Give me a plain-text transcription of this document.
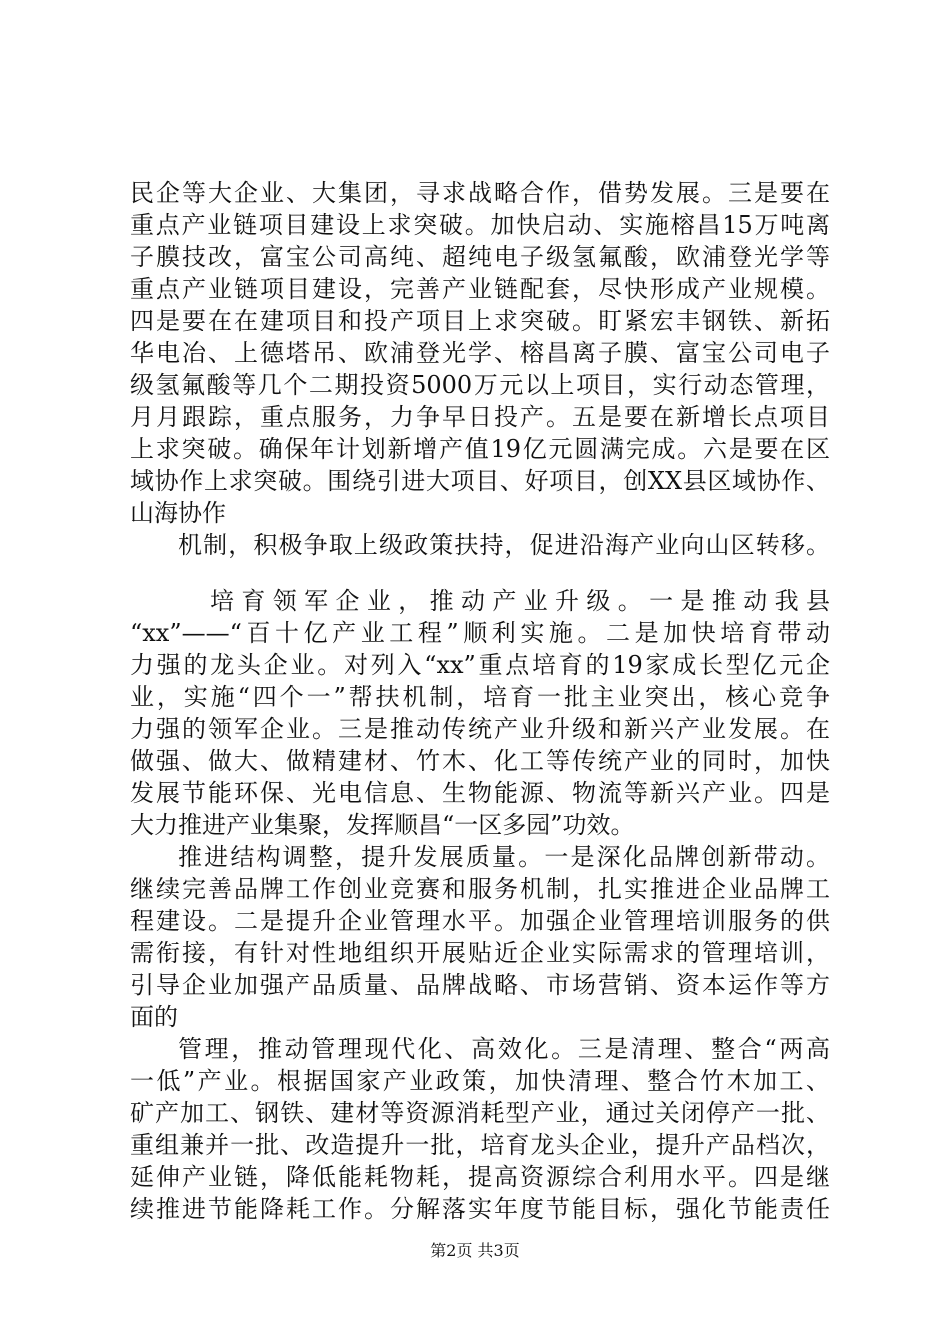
民企等大企业、大集团，寻求战略合作，借势发展。三是要在
重点产业链项目建设上求突破。加快启动、实施榕昌15万吨离
子膜技改，富宝公司高纯、超纯电子级氢氟酸，欧浦登光学等
重点产业链项目建设，完善产业链配套，尽快形成产业规模。
四是要在在建项目和投产项目上求突破。盯紧宏丰钢铁、新拓
华电冶、上德塔吊、欧浦登光学、榕昌离子膜、富宝公司电子
级氢氟酸等几个二期投资5000万元以上项目，实行动态管理，
月月跟踪，重点服务，力争早日投产。五是要在新增长点项目
上求突破。确保年计划新增产值19亿元圆满完成。六是要在区
域协作上求突破。围绕引进大项目、好项目，创XX县区域协作、
山海协作
机制，积极争取上级政策扶持，促进沿海产业向山区转移。
培育领军企业，推动产业升级。一是推动我县
“xx”——“百十亿产业工程”顺利实施。二是加快培育带动
力强的龙头企业。对列入“xx”重点培育的19家成长型亿元企
业，实施“四个一”帮扶机制，培育一批主业突出，核心竞争
力强的领军企业。三是推动传统产业升级和新兴产业发展。在
做强、做大、做精建材、竹木、化工等传统产业的同时，加快
发展节能环保、光电信息、生物能源、物流等新兴产业。四是
大力推进产业集聚，发挥顺昌“一区多园”功效。
推进结构调整，提升发展质量。一是深化品牌创新带动。
继续完善品牌工作创业竞赛和服务机制，扎实推进企业品牌工
程建设。二是提升企业管理水平。加强企业管理培训服务的供
需衔接，有针对性地组织开展贴近企业实际需求的管理培训，
引导企业加强产品质量、品牌战略、市场营销、资本运作等方
面的
管理，推动管理现代化、高效化。三是清理、整合“两高
一低”产业。根据国家产业政策，加快清理、整合竹木加工、
矿产加工、钢铁、建材等资源消耗型产业，通过关闭停产一批、
重组兼并一批、改造提升一批，培育龙头企业，提升产品档次，
延伸产业链，降低能耗物耗，提高资源综合利用水平。四是继
续推进节能降耗工作。分解落实年度节能目标，强化节能责任
第2页 共3页
